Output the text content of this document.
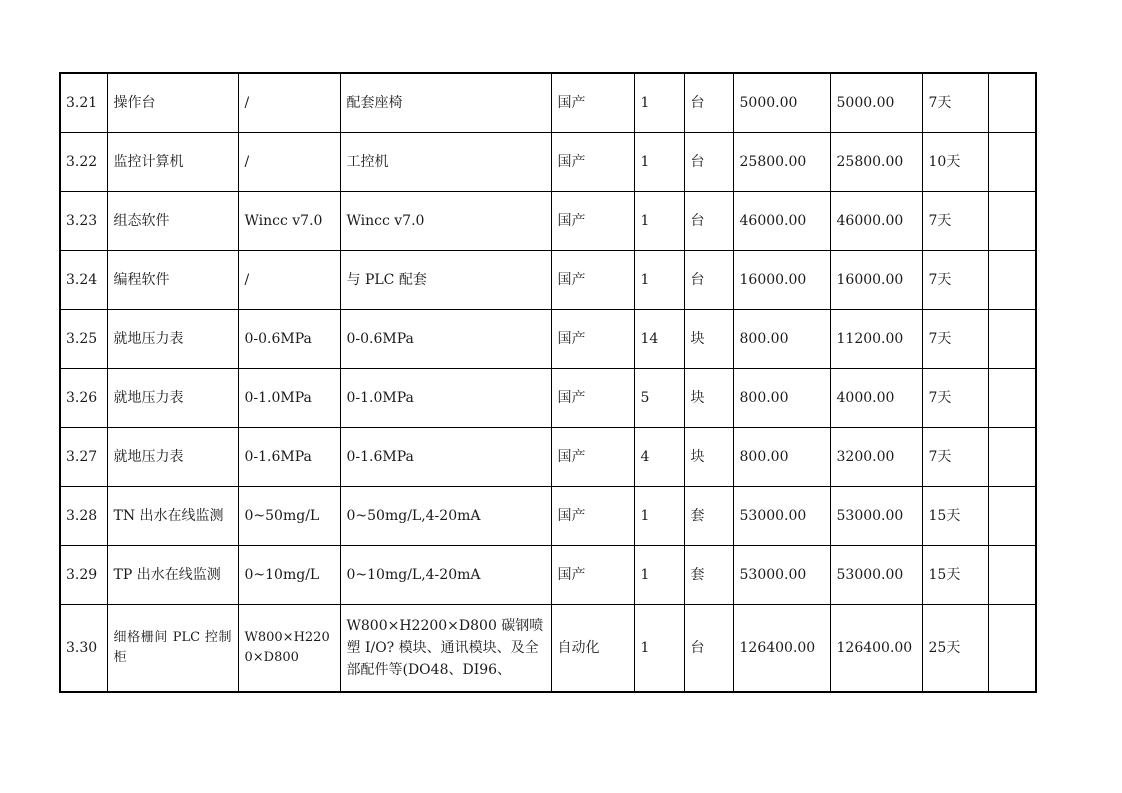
3.21	操作台	/	配套座椅	国产	1	台	5000.00	5000.00	7天	
3.22	监控计算机	/	工控机	国产	1	台	25800.00	25800.00	10天	
3.23	组态软件	Wincc v7.0	Wincc v7.0	国产	1	台	46000.00	46000.00	7天	
3.24	编程软件	/	与 PLC 配套	国产	1	台	16000.00	16000.00	7天	
3.25	就地压力表	0-0.6MPa	0-0.6MPa	国产	14	块	800.00	11200.00	7天	
3.26	就地压力表	0-1.0MPa	0-1.0MPa	国产	5	块	800.00	4000.00	7天	
3.27	就地压力表	0-1.6MPa	0-1.6MPa	国产	4	块	800.00	3200.00	7天	
3.28	TN 出水在线监测	0~50mg/L	0~50mg/L,4-20mA	国产	1	套	53000.00	53000.00	15天	
3.29	TP 出水在线监测	0~10mg/L	0~10mg/L,4-20mA	国产	1	套	53000.00	53000.00	15天	
3.30	细格栅间 PLC 控制柜	W800×H2200×D800	W800×H2200×D800 碳钢喷塑 I/O? 模块、通讯模块、及全部配件等(DO48、DI96、	自动化	1	台	126400.00	126400.00	25天	
